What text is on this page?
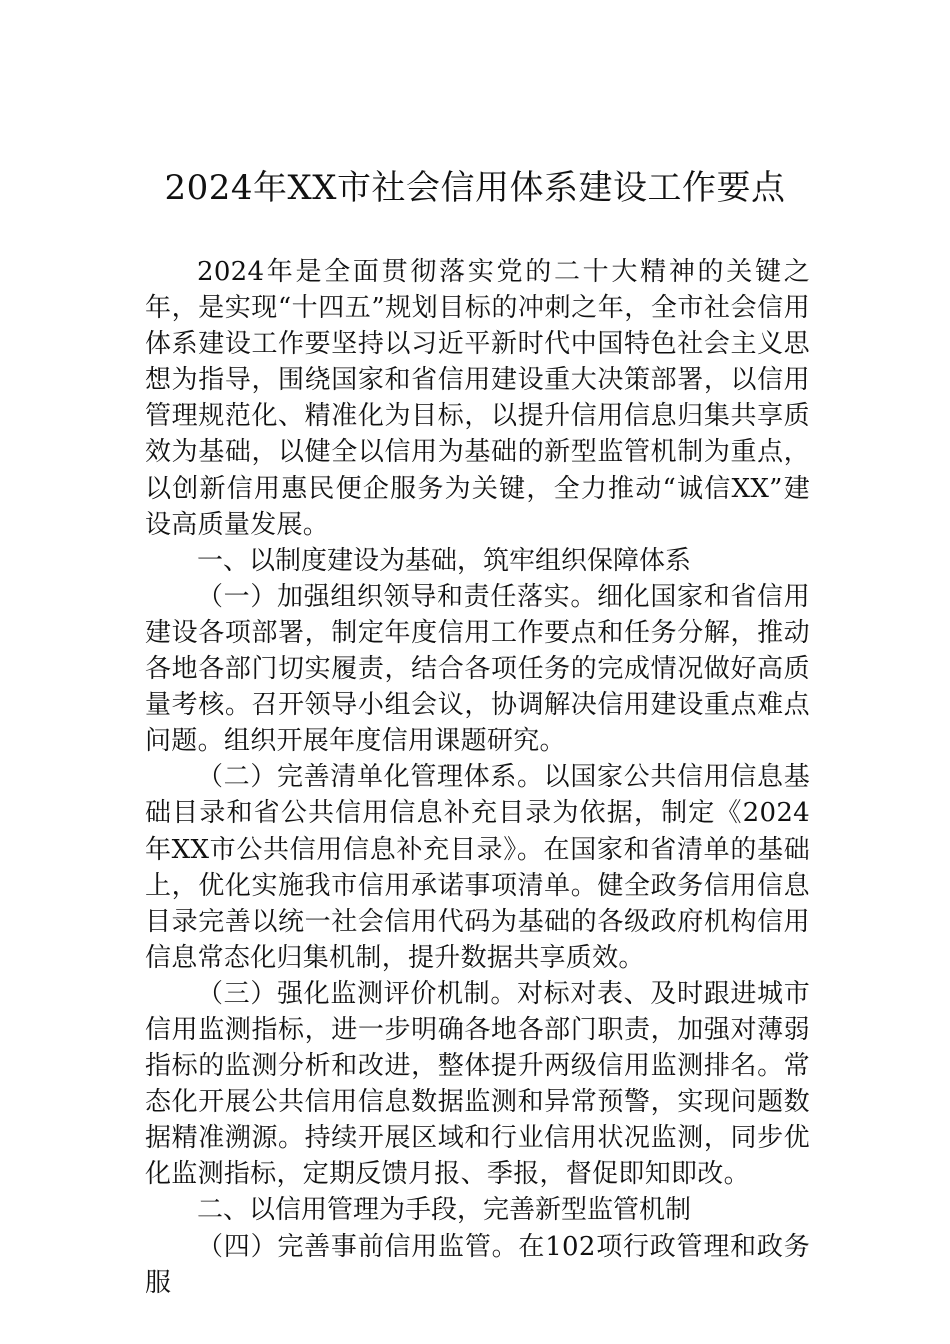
2024年XX市社会信用体系建设工作要点

2024年是全面贯彻落实党的二十大精神的关键之年，是实现“十四五”规划目标的冲刺之年，全市社会信用体系建设工作要坚持以习近平新时代中国特色社会主义思想为指导，围绕国家和省信用建设重大决策部署，以信用管理规范化、精准化为目标，以提升信用信息归集共享质效为基础，以健全以信用为基础的新型监管机制为重点，以创新信用惠民便企服务为关键，全力推动“诚信XX”建设高质量发展。

一、以制度建设为基础，筑牢组织保障体系

（一）加强组织领导和责任落实。细化国家和省信用建设各项部署，制定年度信用工作要点和任务分解，推动各地各部门切实履责，结合各项任务的完成情况做好高质量考核。召开领导小组会议，协调解决信用建设重点难点问题。组织开展年度信用课题研究。

（二）完善清单化管理体系。以国家公共信用信息基础目录和省公共信用信息补充目录为依据，制定《2024年XX市公共信用信息补充目录》。在国家和省清单的基础上，优化实施我市信用承诺事项清单。健全政务信用信息目录完善以统一社会信用代码为基础的各级政府机构信用信息常态化归集机制，提升数据共享质效。

（三）强化监测评价机制。对标对表、及时跟进城市信用监测指标，进一步明确各地各部门职责，加强对薄弱指标的监测分析和改进，整体提升两级信用监测排名。常态化开展公共信用信息数据监测和异常预警，实现问题数据精准溯源。持续开展区域和行业信用状况监测，同步优化监测指标，定期反馈月报、季报，督促即知即改。

二、以信用管理为手段，完善新型监管机制

（四）完善事前信用监管。在102项行政管理和政务服
